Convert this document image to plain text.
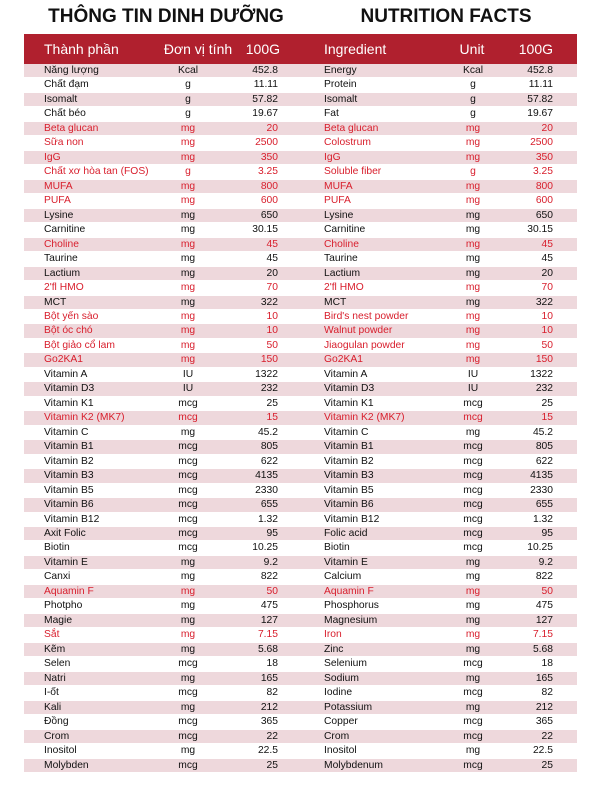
THÔNG TIN DINH DƯỠNG	NUTRITION FACTS
Thành phần	Đơn vị tính 100G	Ingredient	Unit	100G
Năng lượng	Kcal	452.8	Energy	Kcal	452.8
Chất đạm	g	11.11	Protein	g	11.11
Isomalt	g	57.82	Isomalt	g	57.82
Chất béo	g	19.67	Fat	g	19.67
Beta glucan	mg	20	Beta glucan	mg	20
Sữa non	mg	2500	Colostrum	mg	2500
IgG	mg	350	IgG	mg	350
Chất xơ hòa tan (FOS)	g	3.25	Soluble fiber	g	3.25
MUFA	mg	800	MUFA	mg	800
PUFA	mg	600	PUFA	mg	600
Lysine	mg	650	Lysine	mg	650
Carnitine	mg	30.15	Carnitine	mg	30.15
Choline	mg	45	Choline	mg	45
Taurine	mg	45	Taurine	mg	45
Lactium	mg	20	Lactium	mg	20
2'fl HMO	mg	70	2'fl HMO	mg	70
MCT	mg	322	MCT	mg	322
Bột yến sào	mg	10	Bird's nest powder	mg	10
Bột óc chó	mg	10	Walnut powder	mg	10
Bột giảo cổ lam	mg	50	Jiaogulan powder	mg	50
Go2KA1	mg	150	Go2KA1	mg	150
Vitamin A	IU	1322	Vitamin A	IU	1322
Vitamin D3	IU	232	Vitamin D3	IU	232
Vitamin K1	mcg	25	Vitamin K1	mcg	25
Vitamin K2 (MK7)	mcg	15	Vitamin K2 (MK7)	mcg	15
Vitamin C	mg	45.2	Vitamin C	mg	45.2
Vitamin B1	mcg	805	Vitamin B1	mcg	805
Vitamin B2	mcg	622	Vitamin B2	mcg	622
Vitamin B3	mcg	4135	Vitamin B3	mcg	4135
Vitamin B5	mcg	2330	Vitamin B5	mcg	2330
Vitamin B6	mcg	655	Vitamin B6	mcg	655
Vitamin B12	mcg	1.32	Vitamin B12	mcg	1.32
Axit Folic	mcg	95	Folic acid	mcg	95
Biotin	mcg	10.25	Biotin	mcg	10.25
Vitamin E	mg	9.2	Vitamin E	mg	9.2
Canxi	mg	822	Calcium	mg	822
Aquamin F	mg	50	Aquamin F	mg	50
Photpho	mg	475	Phosphorus	mg	475
Magie	mg	127	Magnesium	mg	127
Sắt	mg	7.15	Iron	mg	7.15
Kẽm	mg	5.68	Zinc	mg	5.68
Selen	mcg	18	Selenium	mcg	18
Natri	mg	165	Sodium	mg	165
I-ốt	mcg	82	Iodine	mcg	82
Kali	mg	212	Potassium	mg	212
Đồng	mcg	365	Copper	mcg	365
Crom	mcg	22	Crom	mcg	22
Inositol	mg	22.5	Inositol	mg	22.5
Molybden	mcg	25	Molybdenum	mcg	25
